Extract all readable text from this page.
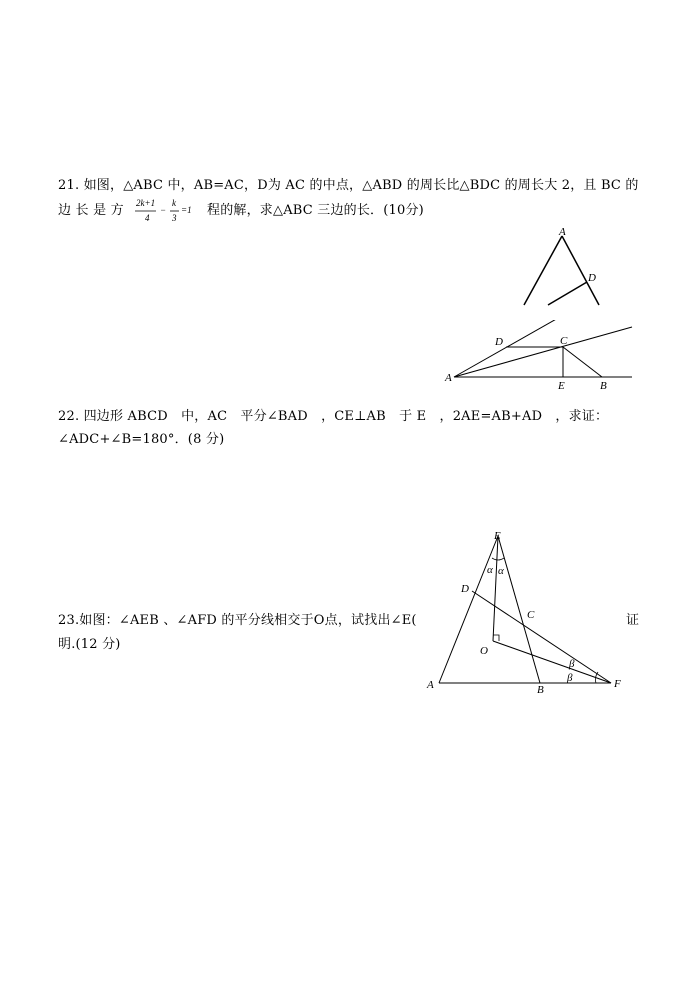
21. 如图，△ABC 中，AB=AC，D为 AC 的中点，△ABD 的周长比△BDC 的周长大 2，且 BC 的
边 长 是 方 2k+1
4
−
k
3
=1 程的解，求△ABC 三边的长．(10分)
A
D
D	C
A
E	B
22. 四边形 ABCD　中，AC　平分∠BAD　，CE⊥AB　于 E　，2AE=AB+AD　，求证：
∠ADC+∠B=180°．(8 分)
23.如图：∠AEB 、∠AFD 的平分线相交于O点，试找出∠E(	证
明.(12 分)
E
D
C
O
A	B	F
α α
β
β
